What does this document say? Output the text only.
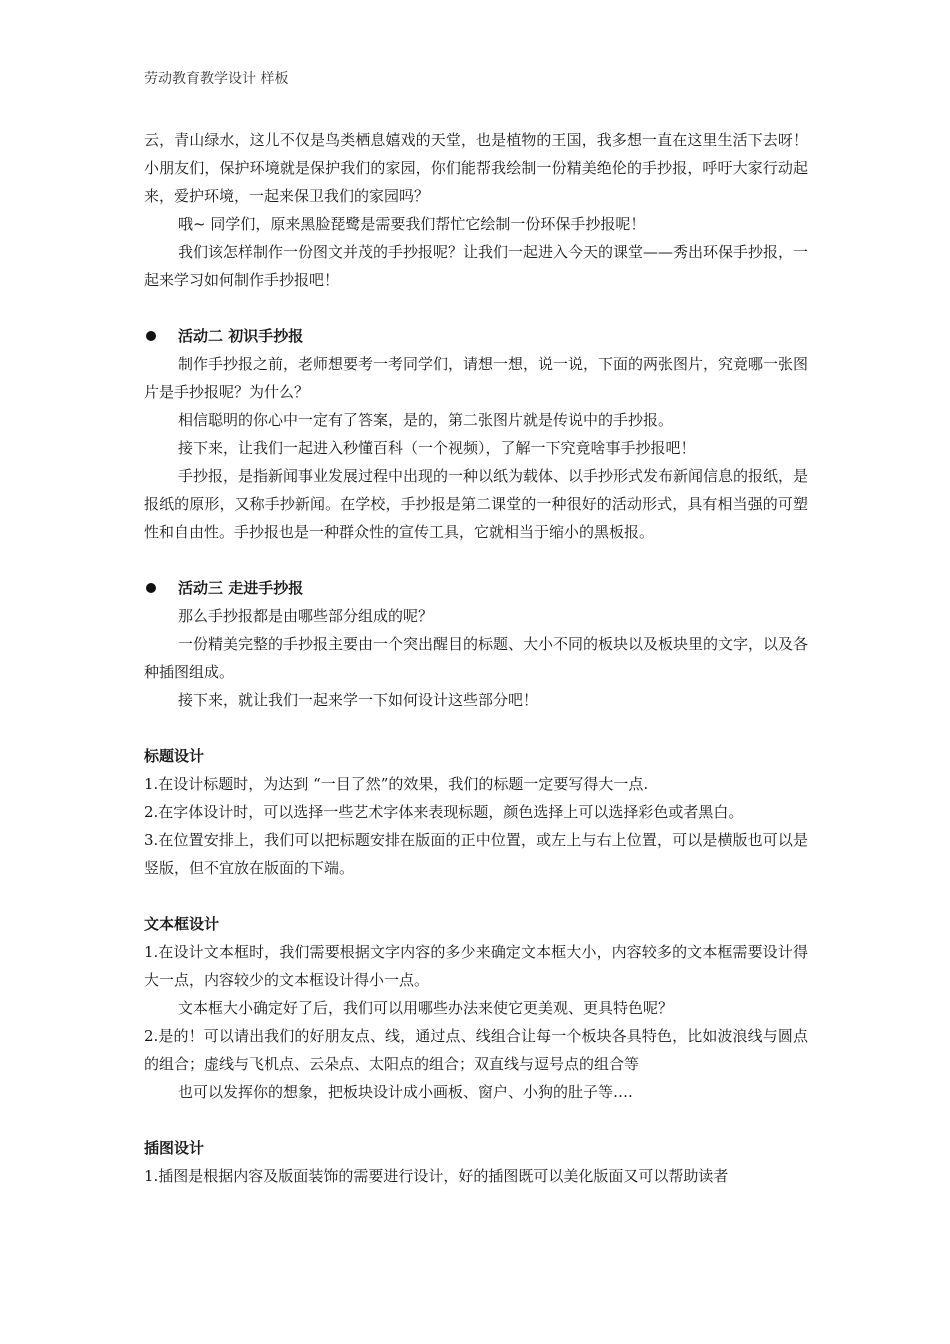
劳动教育教学设计 样板

云，青山绿水，这儿不仅是鸟类栖息嬉戏的天堂，也是植物的王国，我多想一直在这里生活下去呀！小朋友们，保护环境就是保护我们的家园，你们能帮我绘制一份精美绝伦的手抄报，呼吁大家行动起来，爱护环境，一起来保卫我们的家园吗？

哦~ 同学们，原来黑脸琵鹭是需要我们帮忙它绘制一份环保手抄报呢！

我们该怎样制作一份图文并茂的手抄报呢？让我们一起进入今天的课堂——秀出环保手抄报，一起来学习如何制作手抄报吧！

活动二 初识手抄报

制作手抄报之前，老师想要考一考同学们，请想一想，说一说，下面的两张图片，究竟哪一张图片是手抄报呢？为什么？

相信聪明的你心中一定有了答案，是的，第二张图片就是传说中的手抄报。

接下来，让我们一起进入秒懂百科（一个视频），了解一下究竟啥事手抄报吧！

手抄报，是指新闻事业发展过程中出现的一种以纸为载体、以手抄形式发布新闻信息的报纸，是报纸的原形，又称手抄新闻。在学校，手抄报是第二课堂的一种很好的活动形式，具有相当强的可塑性和自由性。手抄报也是一种群众性的宣传工具，它就相当于缩小的黑板报。

活动三 走进手抄报

那么手抄报都是由哪些部分组成的呢？

一份精美完整的手抄报主要由一个突出醒目的标题、大小不同的板块以及板块里的文字，以及各种插图组成。

接下来，就让我们一起来学一下如何设计这些部分吧！

标题设计

1.在设计标题时，为达到 “一目了然”的效果，我们的标题一定要写得大一点.

2.在字体设计时，可以选择一些艺术字体来表现标题，颜色选择上可以选择彩色或者黑白。

3.在位置安排上，我们可以把标题安排在版面的正中位置，或左上与右上位置，可以是横版也可以是竖版，但不宜放在版面的下端。

文本框设计

1.在设计文本框时，我们需要根据文字内容的多少来确定文本框大小，内容较多的文本框需要设计得大一点，内容较少的文本框设计得小一点。

文本框大小确定好了后，我们可以用哪些办法来使它更美观、更具特色呢？

2.是的！可以请出我们的好朋友点、线，通过点、线组合让每一个板块各具特色，比如波浪线与圆点的组合；虚线与飞机点、云朵点、太阳点的组合；双直线与逗号点的组合等

也可以发挥你的想象，把板块设计成小画板、窗户、小狗的肚子等….

插图设计

1.插图是根据内容及版面装饰的需要进行设计，好的插图既可以美化版面又可以帮助读者
